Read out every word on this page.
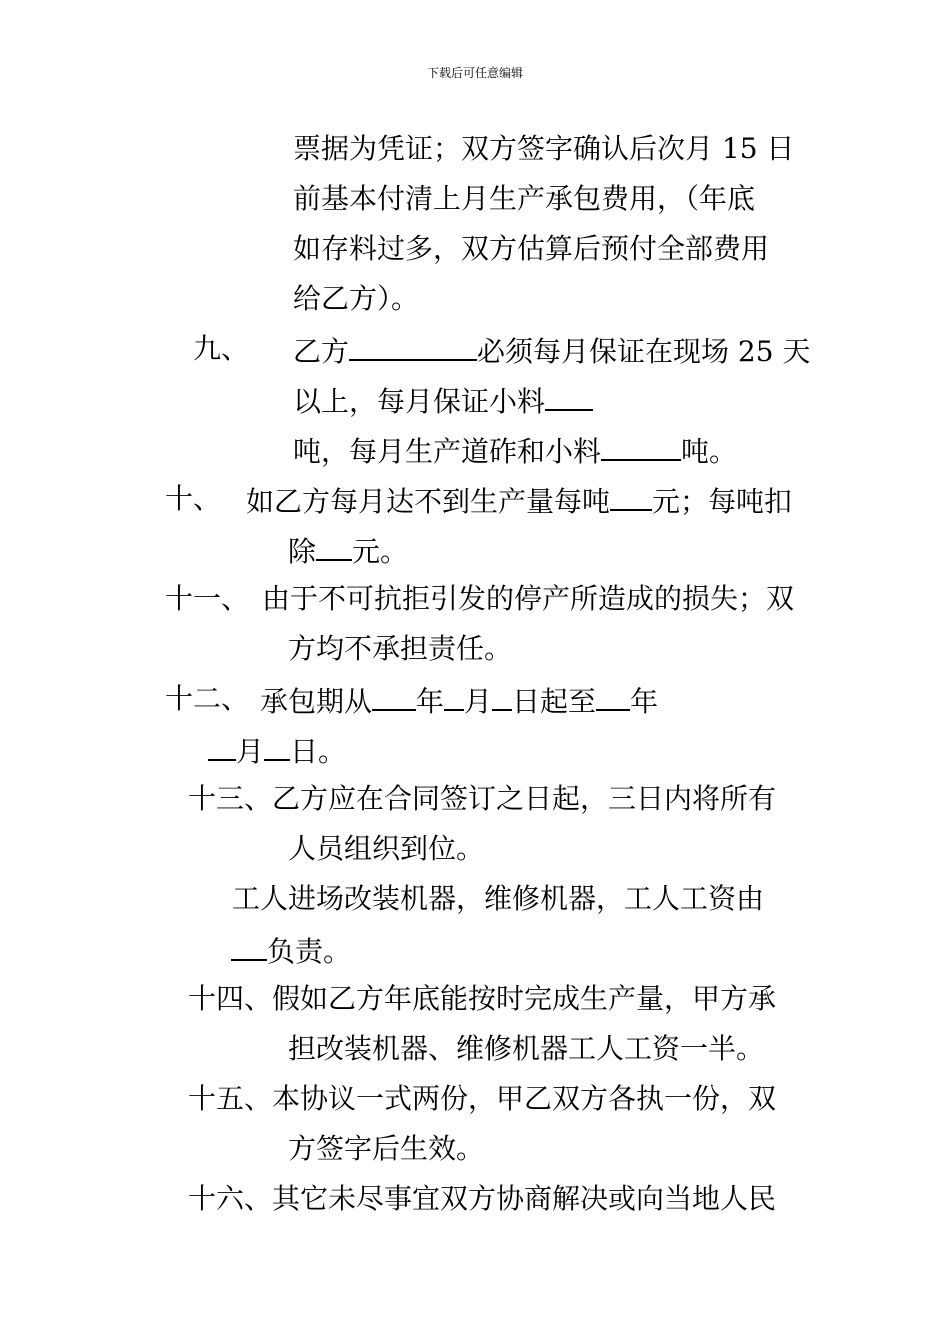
下载后可任意编辑

票据为凭证；双方签字确认后次月 15 日

前基本付清上月生产承包费用，（年底

如存料过多，双方估算后预付全部费用

给乙方）。

九、 乙方	必须每月保证在现场 25 天

以上，每月保证小料

吨，每月生产道砟和小料	吨。

十、 如乙方每月达不到生产量每吨 元；每吨扣

除 元。

十一、 由于不可抗拒引发的停产所造成的损失；双

方均不承担责任。

十二、 承包期从 年 月 日起至 年

月 日。

十三、乙方应在合同签订之日起，三日内将所有

人员组织到位。

工人进场改装机器，维修机器，工人工资由

负责。

十四、假如乙方年底能按时完成生产量，甲方承

担改装机器、维修机器工人工资一半。

十五、本协议一式两份，甲乙双方各执一份，双

方签字后生效。

十六、其它未尽事宜双方协商解决或向当地人民
